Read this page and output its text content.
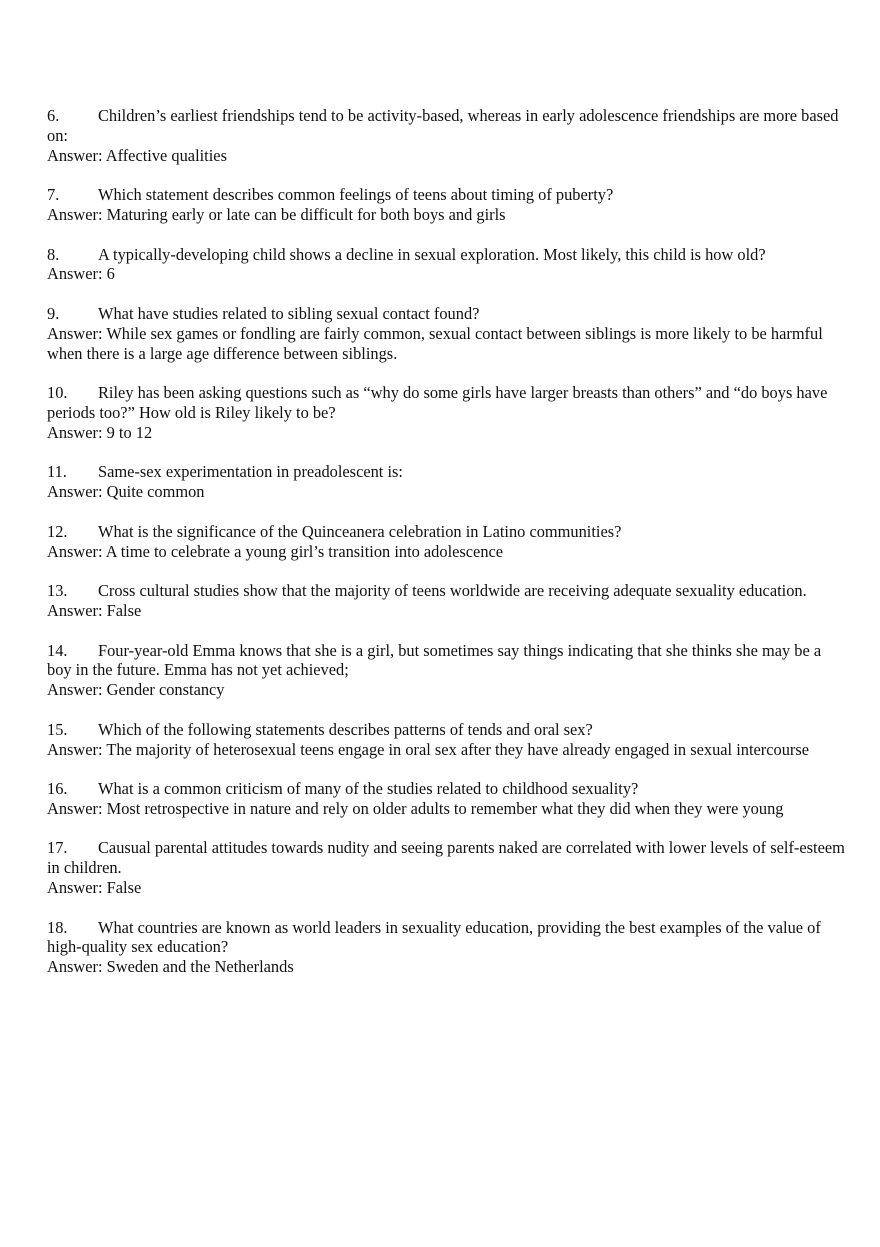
6. Children’s earliest friendships tend to be activity-based, whereas in early adolescence friendships are more based on:

Answer: Affective qualities

7. Which statement describes common feelings of teens about timing of puberty?

Answer: Maturing early or late can be difficult for both boys and girls

8. A typically-developing child shows a decline in sexual exploration. Most likely, this child is how old?

Answer: 6

9. What have studies related to sibling sexual contact found?

Answer: While sex games or fondling are fairly common, sexual contact between siblings is more likely to be harmful when there is a large age difference between siblings.

10. Riley has been asking questions such as “why do some girls have larger breasts than others” and “do boys have periods too?” How old is Riley likely to be?

Answer: 9 to 12

11. Same-sex experimentation in preadolescent is:

Answer: Quite common

12. What is the significance of the Quinceanera celebration in Latino communities?

Answer: A time to celebrate a young girl’s transition into adolescence

13. Cross cultural studies show that the majority of teens worldwide are receiving adequate sexuality education.

Answer: False

14. Four-year-old Emma knows that she is a girl, but sometimes say things indicating that she thinks she may be a boy in the future. Emma has not yet achieved;

Answer: Gender constancy

15. Which of the following statements describes patterns of tends and oral sex?

Answer: The majority of heterosexual teens engage in oral sex after they have already engaged in sexual intercourse

16. What is a common criticism of many of the studies related to childhood sexuality?

Answer: Most retrospective in nature and rely on older adults to remember what they did when they were young

17. Causual parental attitudes towards nudity and seeing parents naked are correlated with lower levels of self-esteem in children.

Answer: False

18. What countries are known as world leaders in sexuality education, providing the best examples of the value of high-quality sex education?

Answer: Sweden and the Netherlands
